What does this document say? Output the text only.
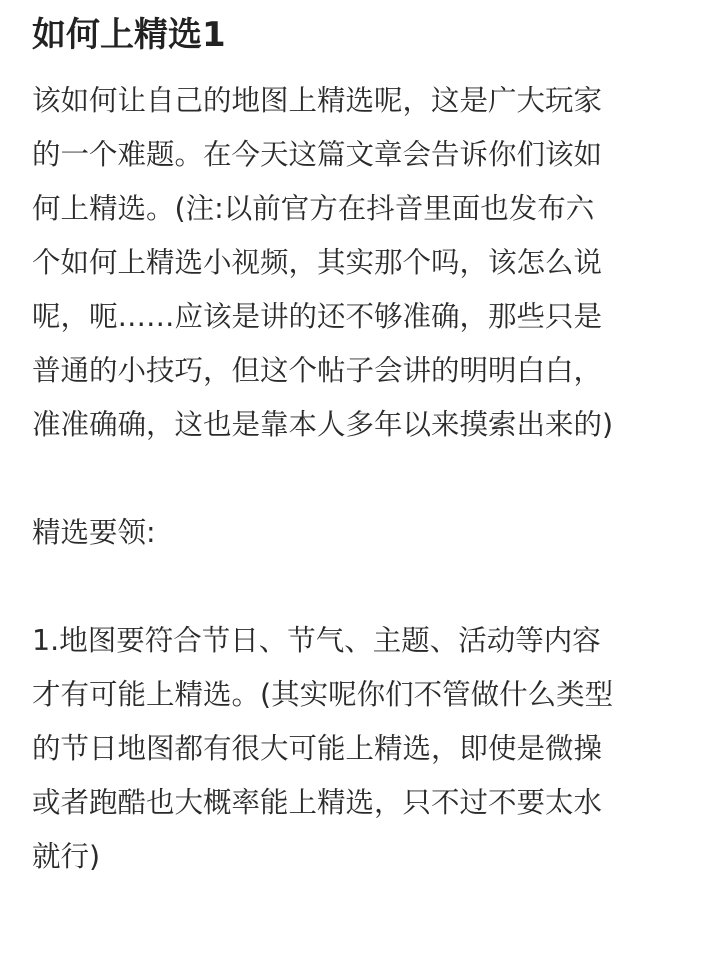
如何上精选1
该如何让自己的地图上精选呢，这是广大玩家
的一个难题。在今天这篇文章会告诉你们该如
何上精选。(注:以前官方在抖音里面也发布六
个如何上精选小视频，其实那个吗，该怎么说
呢，呃……应该是讲的还不够准确，那些只是
普通的小技巧，但这个帖子会讲的明明白白，
准准确确，这也是靠本人多年以来摸索出来的)
精选要领:
1.地图要符合节日、节气、主题、活动等内容
才有可能上精选。(其实呢你们不管做什么类型
的节日地图都有很大可能上精选，即使是微操
或者跑酷也大概率能上精选，只不过不要太水
就行)
